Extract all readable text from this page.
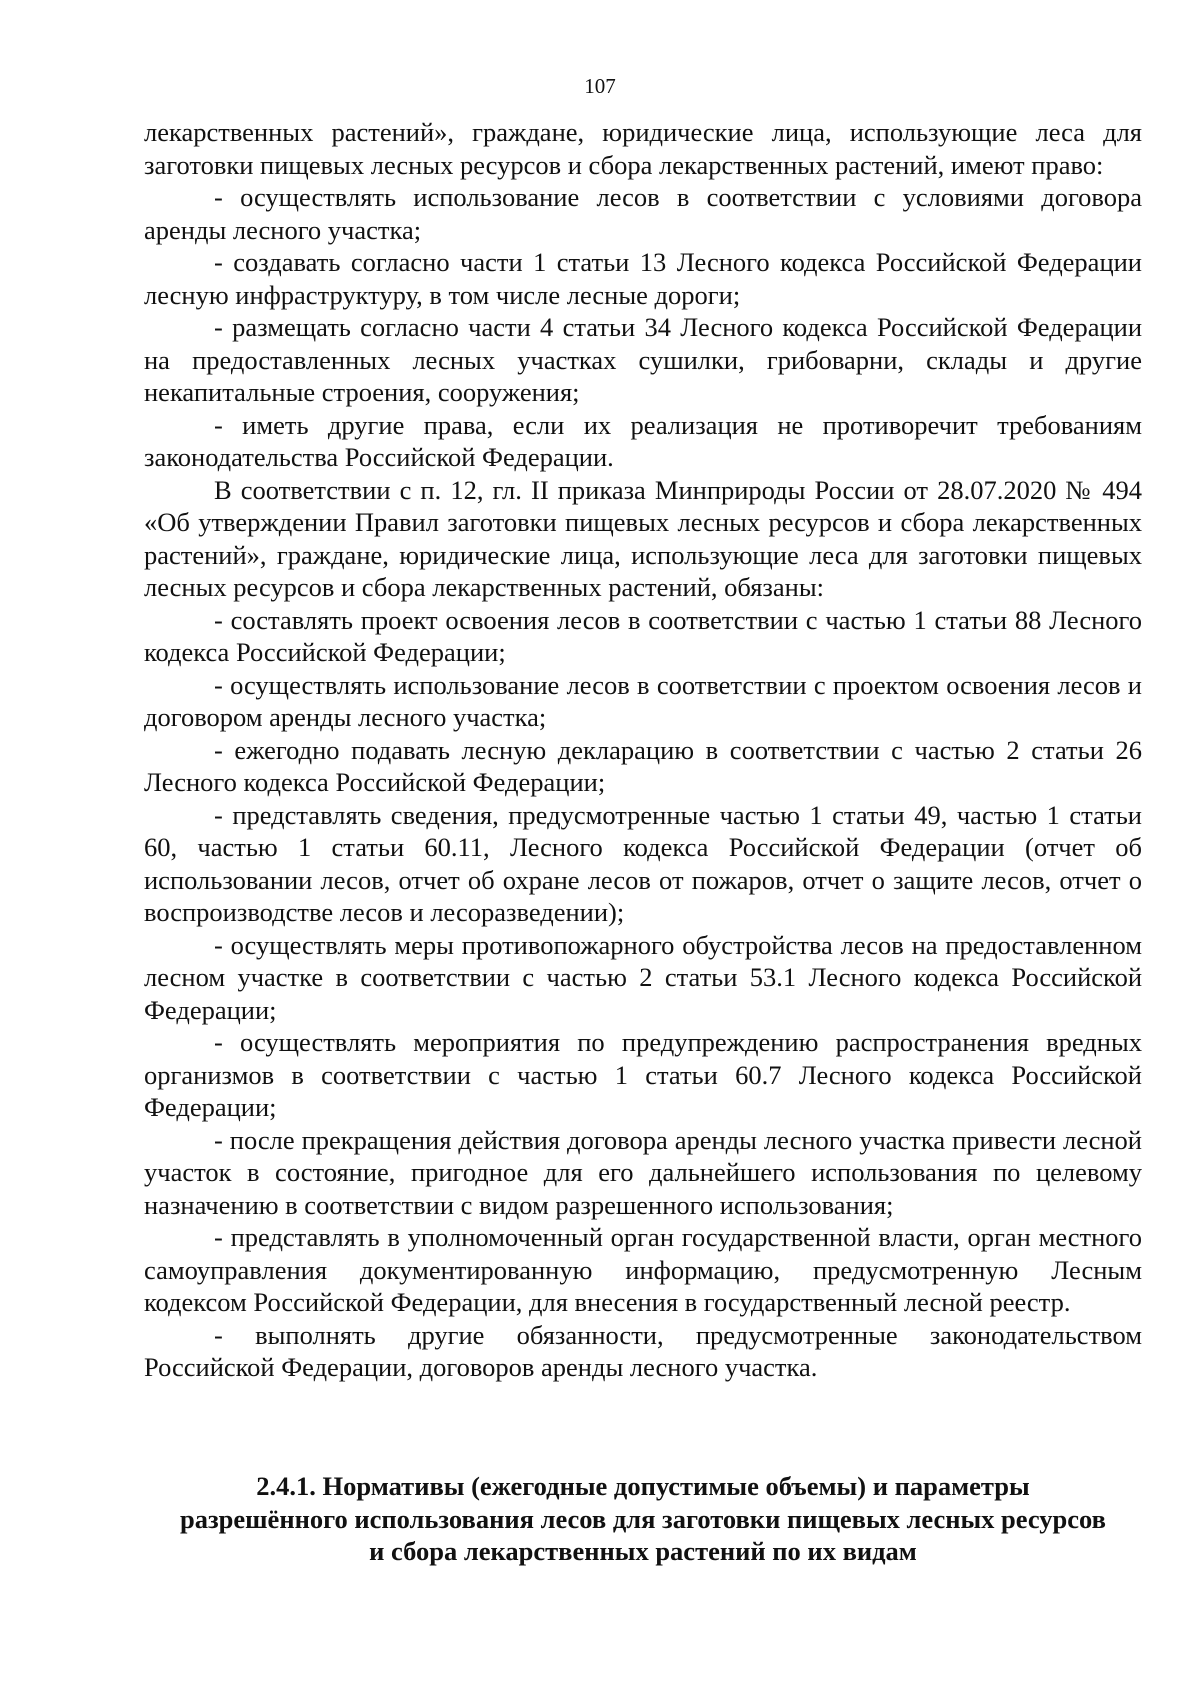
107

лекарственных растений», граждане, юридические лица, использующие леса для заготовки пищевых лесных ресурсов и сбора лекарственных растений, имеют право:

- осуществлять использование лесов в соответствии с условиями договора аренды лесного участка;

- создавать согласно части 1 статьи 13 Лесного кодекса Российской Федерации лесную инфраструктуру, в том числе лесные дороги;

- размещать согласно части 4 статьи 34 Лесного кодекса Российской Федерации на предоставленных лесных участках сушилки, грибоварни, склады и другие некапитальные строения, сооружения;

- иметь другие права, если их реализация не противоречит требованиям законодательства Российской Федерации.

В соответствии с п. 12, гл. II приказа Минприроды России от 28.07.2020 № 494 «Об утверждении Правил заготовки пищевых лесных ресурсов и сбора лекарственных растений», граждане, юридические лица, использующие леса для заготовки пищевых лесных ресурсов и сбора лекарственных растений, обязаны:

- составлять проект освоения лесов в соответствии с частью 1 статьи 88 Лесного кодекса Российской Федерации;

- осуществлять использование лесов в соответствии с проектом освоения лесов и договором аренды лесного участка;

- ежегодно подавать лесную декларацию в соответствии с частью 2 статьи 26 Лесного кодекса Российской Федерации;

- представлять сведения, предусмотренные частью 1 статьи 49, частью 1 статьи 60, частью 1 статьи 60.11, Лесного кодекса Российской Федерации (отчет об использовании лесов, отчет об охране лесов от пожаров, отчет о защите лесов, отчет о воспроизводстве лесов и лесоразведении);

- осуществлять меры противопожарного обустройства лесов на предоставленном лесном участке в соответствии с частью 2 статьи 53.1 Лесного кодекса Российской Федерации;

- осуществлять мероприятия по предупреждению распространения вредных организмов в соответствии с частью 1 статьи 60.7 Лесного кодекса Российской Федерации;

- после прекращения действия договора аренды лесного участка привести лесной участок в состояние, пригодное для его дальнейшего использования по целевому назначению в соответствии с видом разрешенного использования;

- представлять в уполномоченный орган государственной власти, орган местного самоуправления документированную информацию, предусмотренную Лесным кодексом Российской Федерации, для внесения в государственный лесной реестр.

- выполнять другие обязанности, предусмотренные законодательством Российской Федерации, договоров аренды лесного участка.

2.4.1. Нормативы (ежегодные допустимые объемы) и параметры
разрешённого использования лесов для заготовки пищевых лесных ресурсов
и сбора лекарственных растений по их видам
